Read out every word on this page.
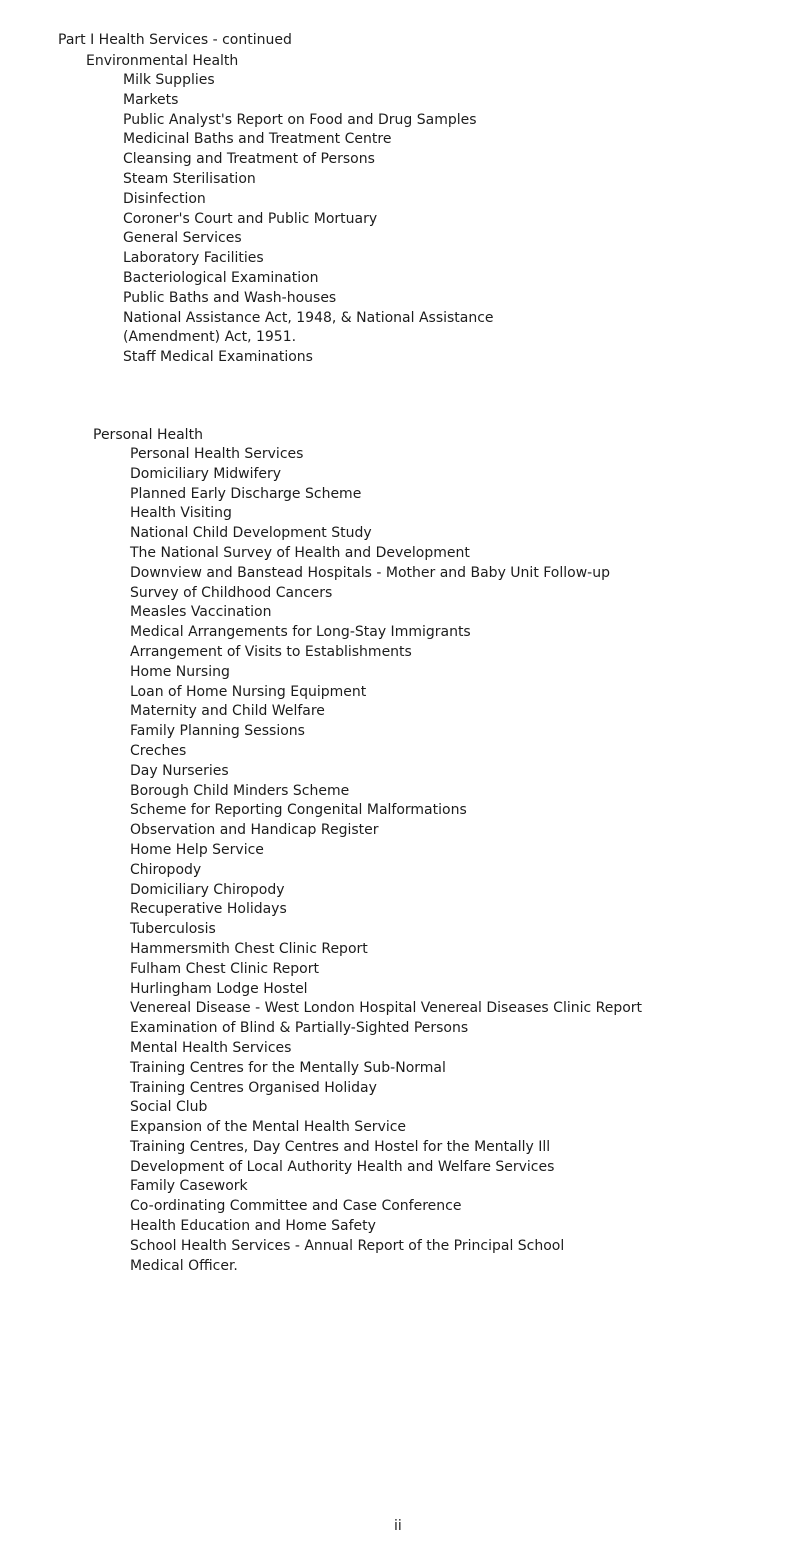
Part I Health Services - continued
Environmental Health
Milk Supplies
Markets
Public Analyst's Report on Food and Drug Samples
Medicinal Baths and Treatment Centre
Cleansing and Treatment of Persons
Steam Sterilisation
Disinfection
Coroner's Court and Public Mortuary
General Services
Laboratory Facilities
Bacteriological Examination
Public Baths and Wash-houses
National Assistance Act, 1948, & National Assistance
(Amendment) Act, 1951.
Staff Medical Examinations
Personal Health
Personal Health Services
Domiciliary Midwifery
Planned Early Discharge Scheme
Health Visiting
National Child Development Study
The National Survey of Health and Development
Downview and Banstead Hospitals - Mother and Baby Unit Follow-up
Survey of Childhood Cancers
Measles Vaccination
Medical Arrangements for Long-Stay Immigrants
Arrangement of Visits to Establishments
Home Nursing
Loan of Home Nursing Equipment
Maternity and Child Welfare
Family Planning Sessions
Creches
Day Nurseries
Borough Child Minders Scheme
Scheme for Reporting Congenital Malformations
Observation and Handicap Register
Home Help Service
Chiropody
Domiciliary Chiropody
Recuperative Holidays
Tuberculosis
Hammersmith Chest Clinic Report
Fulham Chest Clinic Report
Hurlingham Lodge Hostel
Venereal Disease - West London Hospital Venereal Diseases Clinic Report
Examination of Blind & Partially-Sighted Persons
Mental Health Services
Training Centres for the Mentally Sub-Normal
Training Centres Organised Holiday
Social Club
Expansion of the Mental Health Service
Training Centres, Day Centres and Hostel for the Mentally Ill
Development of Local Authority Health and Welfare Services
Family Casework
Co-ordinating Committee and Case Conference
Health Education and Home Safety
School Health Services - Annual Report of the Principal School
Medical Officer.
ii
